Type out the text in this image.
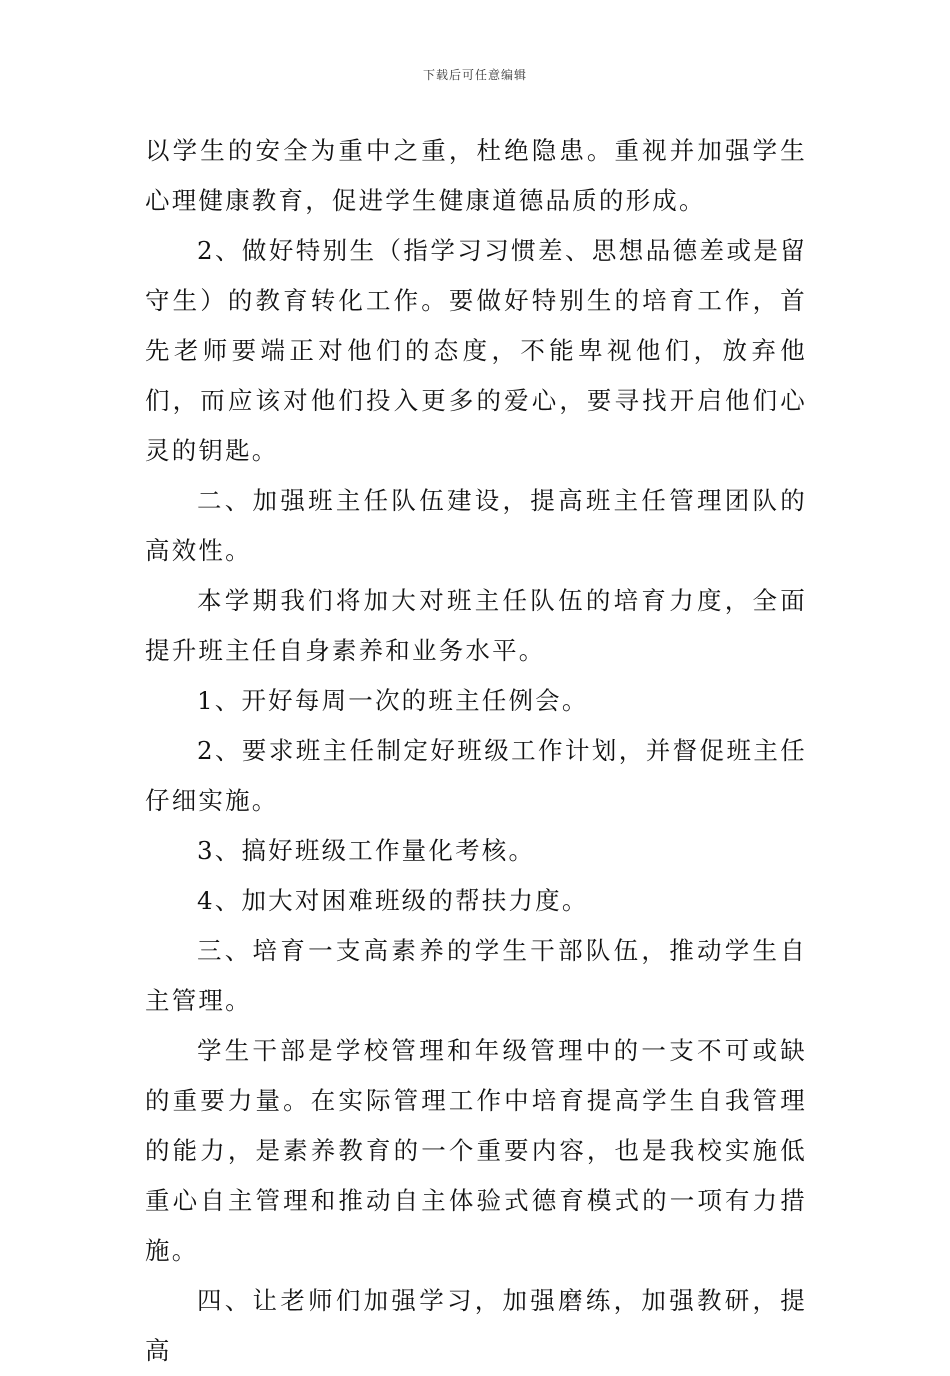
下载后可任意编辑

以学生的安全为重中之重，杜绝隐患。重视并加强学生心理健康教育，促进学生健康道德品质的形成。

2、做好特别生（指学习习惯差、思想品德差或是留守生）的教育转化工作。要做好特别生的培育工作，首先老师要端正对他们的态度，不能卑视他们，放弃他们，而应该对他们投入更多的爱心，要寻找开启他们心灵的钥匙。

二、加强班主任队伍建设，提高班主任管理团队的高效性。

本学期我们将加大对班主任队伍的培育力度，全面提升班主任自身素养和业务水平。

1、开好每周一次的班主任例会。

2、要求班主任制定好班级工作计划，并督促班主任仔细实施。

3、搞好班级工作量化考核。

4、加大对困难班级的帮扶力度。

三、培育一支高素养的学生干部队伍，推动学生自主管理。

学生干部是学校管理和年级管理中的一支不可或缺的重要力量。在实际管理工作中培育提高学生自我管理的能力，是素养教育的一个重要内容，也是我校实施低重心自主管理和推动自主体验式德育模式的一项有力措施。

四、让老师们加强学习，加强磨练，加强教研，提高
